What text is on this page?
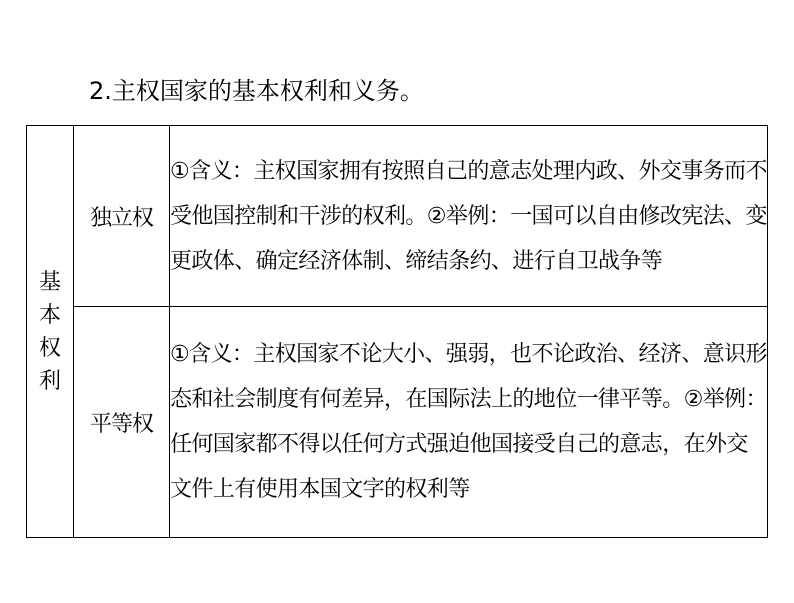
2.主权国家的基本权利和义务。
基
本
权
利	独立权	①含义：主权国家拥有按照自己的意志处理内政、外交事务而不受他国控制和干涉的权利。②举例：一国可以自由修改宪法、变更政体、确定经济体制、缔结条约、进行自卫战争等
	平等权	①含义：主权国家不论大小、强弱，也不论政治、经济、意识形态和社会制度有何差异，在国际法上的地位一律平等。②举例：任何国家都不得以任何方式强迫他国接受自己的意志，在外交文件上有使用本国文字的权利等
